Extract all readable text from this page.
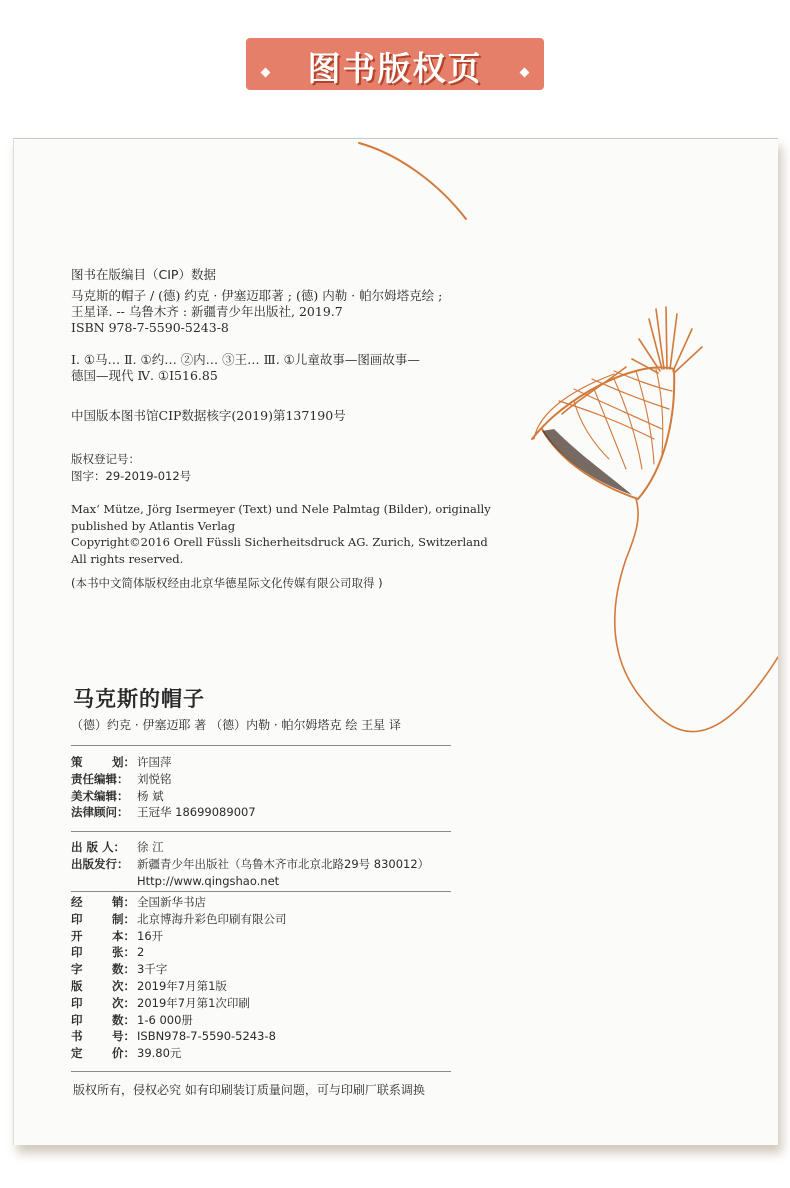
图书版权页
图书在版编目（CIP）数据
马克斯的帽子 / (德) 约克 · 伊塞迈耶著 ; (德) 内勒 · 帕尔姆塔克绘 ;
王星译. -- 乌鲁木齐 : 新疆青少年出版社, 2019.7
ISBN 978-7-5590-5243-8
Ⅰ. ①马… Ⅱ. ①约… ②内… ③王… Ⅲ. ①儿童故事—图画故事—
德国—现代 Ⅳ. ①I516.85
中国版本图书馆CIP数据核字(2019)第137190号
版权登记号：
图字：29-2019-012号
Max‘ Mütze, Jörg Isermeyer (Text) und Nele Palmtag (Bilder), originally
published by Atlantis Verlag
Copyright©2016 Orell Füssli Sicherheitsdruck AG. Zurich, Switzerland
All rights reserved.
(本书中文简体版权经由北京华德星际文化传媒有限公司取得 )
马克斯的帽子
（德）约克 · 伊塞迈耶 著 （德）内勒 · 帕尔姆塔克 绘 王星 译
策	划： 许国萍
责任编辑： 刘悦铭
美术编辑： 杨 斌
法律顾问： 王冠华 18699089007
出 版 人： 徐 江
出版发行： 新疆青少年出版社（乌鲁木齐市北京北路29号 830012）
Http://www.qingshao.net
经	销： 全国新华书店
印	制： 北京博海升彩色印刷有限公司
开	本： 16开
印	张： 2
字	数： 3千字
版	次： 2019年7月第1版
印	次： 2019年7月第1次印刷
印	数： 1-6 000册
书	号： ISBN978-7-5590-5243-8
定	价： 39.80元
版权所有，侵权必究 如有印刷装订质量问题，可与印刷厂联系调换
